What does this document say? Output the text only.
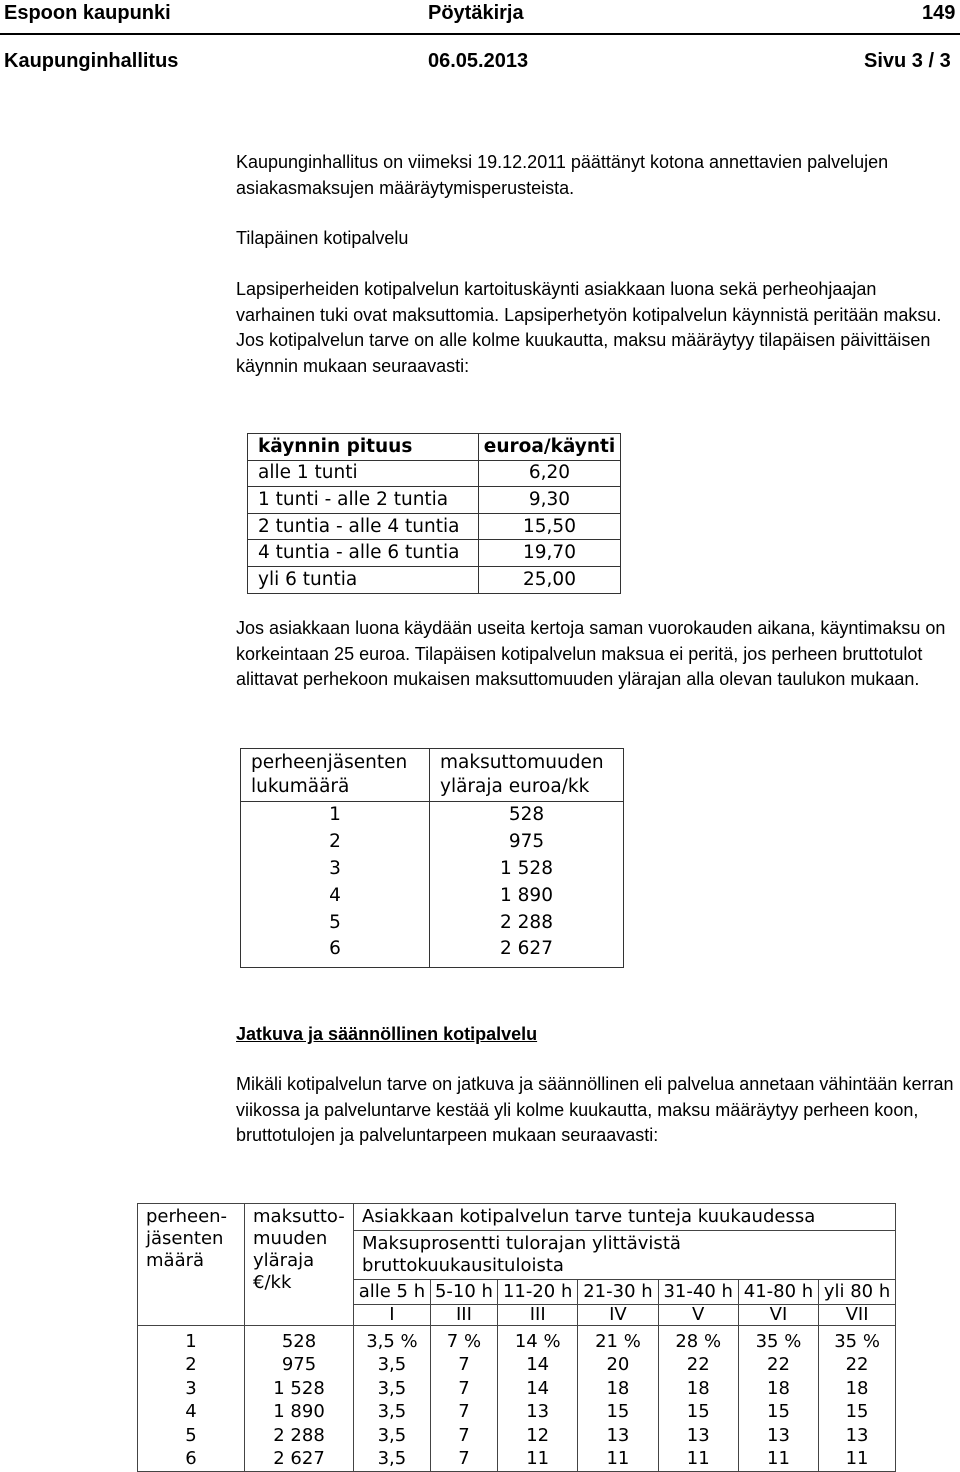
Espoon kaupunki	Pöytäkirja	149
Kaupunginhallitus	06.05.2013	Sivu 3 / 3

Kaupunginhallitus on viimeksi 19.12.2011 päättänyt kotona annettavien palvelujen asiakasmaksujen määräytymisperusteista.

Tilapäinen kotipalvelu

Lapsiperheiden kotipalvelun kartoituskäynti asiakkaan luona sekä perheohjaajan varhainen tuki ovat maksuttomia. Lapsiperhetyön kotipalvelun käynnistä peritään maksu. Jos kotipalvelun tarve on alle kolme kuukautta, maksu määräytyy tilapäisen päivittäisen käynnin mukaan seuraavasti:

käynnin pituus	euroa/käynti
alle 1 tunti	6,20
1 tunti - alle 2 tuntia	9,30
2 tuntia - alle 4 tuntia	15,50
4 tuntia - alle 6 tuntia	19,70
yli 6 tuntia	25,00

Jos asiakkaan luona käydään useita kertoja saman vuorokauden aikana, käyntimaksu on korkeintaan 25 euroa. Tilapäisen kotipalvelun maksua ei peritä, jos perheen bruttotulot alittavat perhekoon mukaisen maksuttomuuden ylärajan alla olevan taulukon mukaan.

perheenjäsenten lukumäärä	maksuttomuuden yläraja euroa/kk
1	528
2	975
3	1 528
4	1 890
5	2 288
6	2 627

Jatkuva ja säännöllinen kotipalvelu

Mikäli kotipalvelun tarve on jatkuva ja säännöllinen eli palvelua annetaan vähintään kerran viikossa ja palveluntarve kestää yli kolme kuukautta, maksu määräytyy perheen koon, bruttotulojen ja palveluntarpeen mukaan seuraavasti:

perheen-jäsenten määrä	maksutto-muuden yläraja €/kk	Asiakkaan kotipalvelun tarve tunteja kuukaudessa						
		Maksuprosentti tulorajan ylittävistä bruttokuukausituloista						
		alle 5 h	5-10 h	11-20 h	21-30 h	31-40 h	41-80 h	yli 80 h
		I	III	III	IV	V	VI	VII

1	528	3,5 %	7 %	14 %	21 %	28 %	35 %	35 %
2	975	3,5	7	14	20	22	22	22
3	1 528	3,5	7	14	18	18	18	18
4	1 890	3,5	7	13	15	15	15	15
5	2 288	3,5	7	12	13	13	13	13
6	2 627	3,5	7	11	11	11	11	11
